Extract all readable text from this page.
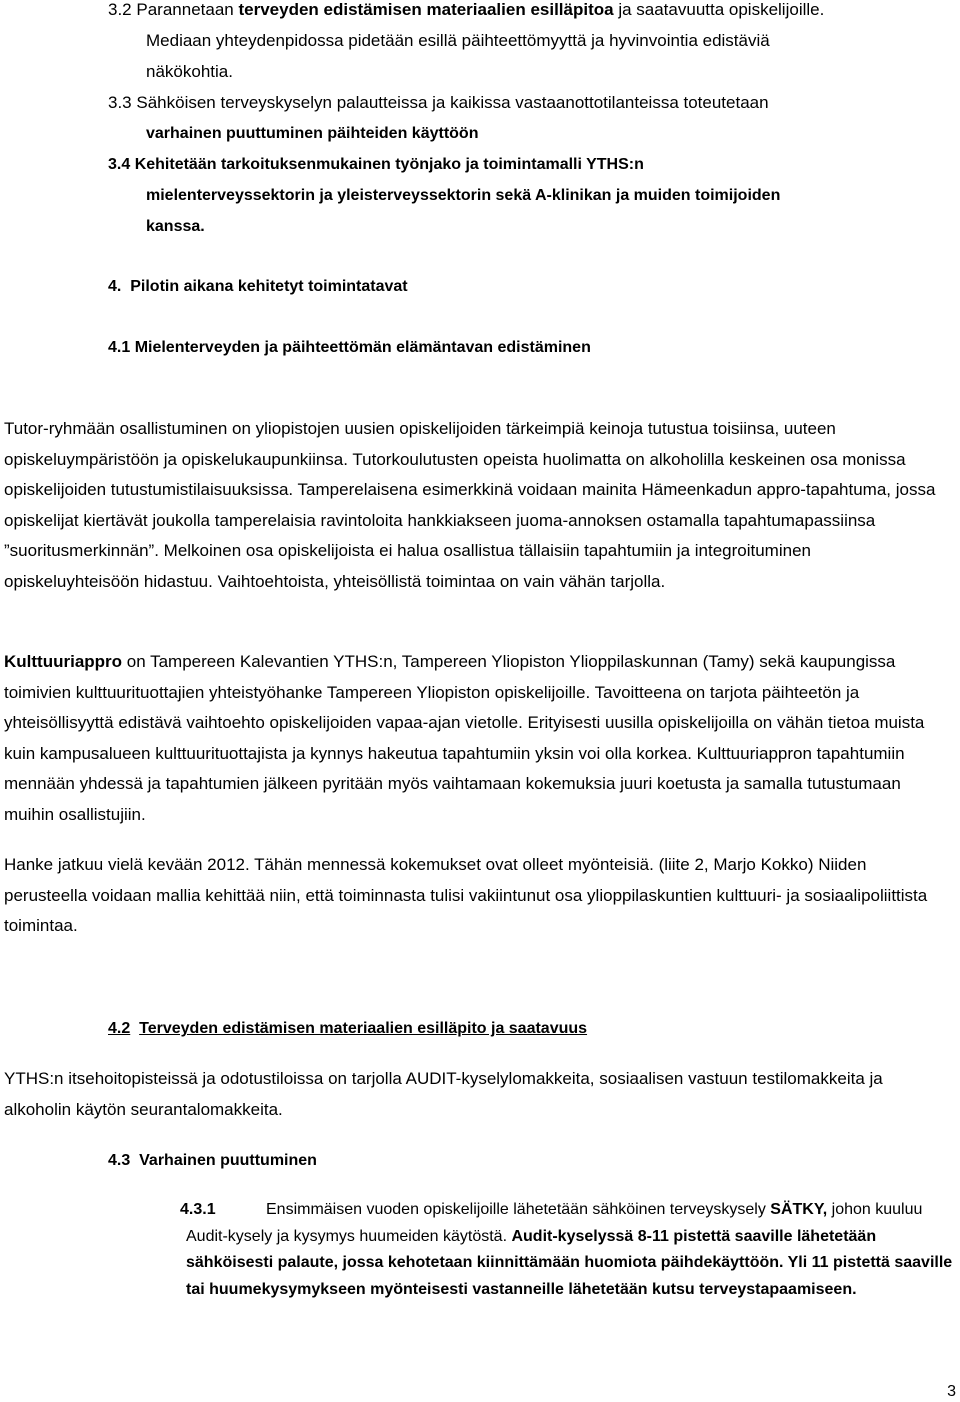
3.2 Parannetaan terveyden edistämisen materiaalien esilläpitoa ja saatavuutta opiskelijoille.
Mediaan yhteydenpidossa pidetään esillä päihteettömyyttä ja hyvinvointia edistäviä
näkökohtia.
3.3 Sähköisen terveyskyselyn palautteissa ja kaikissa vastaanottotilanteissa toteutetaan
varhainen puuttuminen päihteiden käyttöön
3.4 Kehitetään tarkoituksenmukainen työnjako ja toimintamalli YTHS:n
mielenterveyssektorin ja yleisterveyssektorin sekä A-klinikan ja muiden toimijoiden
kanssa.
4. Pilotin aikana kehitetyt toimintatavat
4.1 Mielenterveyden ja päihteettömän elämäntavan edistäminen

Tutor-ryhmään osallistuminen on yliopistojen uusien opiskelijoiden tärkeimpiä keinoja tutustua toisiinsa, uuteen opiskeluympäristöön ja opiskelukaupunkiinsa. Tutorkoulutusten opeista huolimatta on alkoholilla keskeinen osa monissa opiskelijoiden tutustumistilaisuuksissa. Tamperelaisena esimerkkinä voidaan mainita Hämeenkadun appro-tapahtuma, jossa opiskelijat kiertävät joukolla tamperelaisia ravintoloita hankkiakseen juoma-annoksen ostamalla tapahtumapassiinsa ”suoritusmerkinnän”. Melkoinen osa opiskelijoista ei halua osallistua tällaisiin tapahtumiin ja integroituminen opiskeluyhteisöön hidastuu. Vaihtoehtoista, yhteisöllistä toimintaa on vain vähän tarjolla.

Kulttuuriappro on Tampereen Kalevantien YTHS:n, Tampereen Yliopiston Ylioppilaskunnan (Tamy) sekä kaupungissa toimivien kulttuurituottajien yhteistyöhanke Tampereen Yliopiston opiskelijoille. Tavoitteena on tarjota päihteetön ja yhteisöllisyyttä edistävä vaihtoehto opiskelijoiden vapaa-ajan vietolle. Erityisesti uusilla opiskelijoilla on vähän tietoa muista kuin kampusalueen kulttuurituottajista ja kynnys hakeutua tapahtumiin yksin voi olla korkea. Kulttuuriappron tapahtumiin mennään yhdessä ja tapahtumien jälkeen pyritään myös vaihtamaan kokemuksia juuri koetusta ja samalla tutustumaan muihin osallistujiin.

Hanke jatkuu vielä kevään 2012. Tähän mennessä kokemukset ovat olleet myönteisiä. (liite 2, Marjo Kokko) Niiden perusteella voidaan mallia kehittää niin, että toiminnasta tulisi vakiintunut osa ylioppilaskuntien kulttuuri- ja sosiaalipoliittista toimintaa.

4.2 Terveyden edistämisen materiaalien esilläpito ja saatavuus

YTHS:n itsehoitopisteissä ja odotustiloissa on tarjolla AUDIT-kyselylomakkeita, sosiaalisen vastuun testilomakkeita ja alkoholin käytön seurantalomakkeita.

4.3 Varhainen puuttuminen
4.3.1	Ensimmäisen vuoden opiskelijoille lähetetään sähköinen terveyskysely SÄTKY, johon kuuluu Audit-kysely ja kysymys huumeiden käytöstä. Audit-kyselyssä 8-11 pistettä saaville lähetetään sähköisesti palaute, jossa kehotetaan kiinnittämään huomiota päihdekäyttöön. Yli 11 pistettä saaville tai huumekysymykseen myönteisesti vastanneille lähetetään kutsu terveystapaamiseen.

3
